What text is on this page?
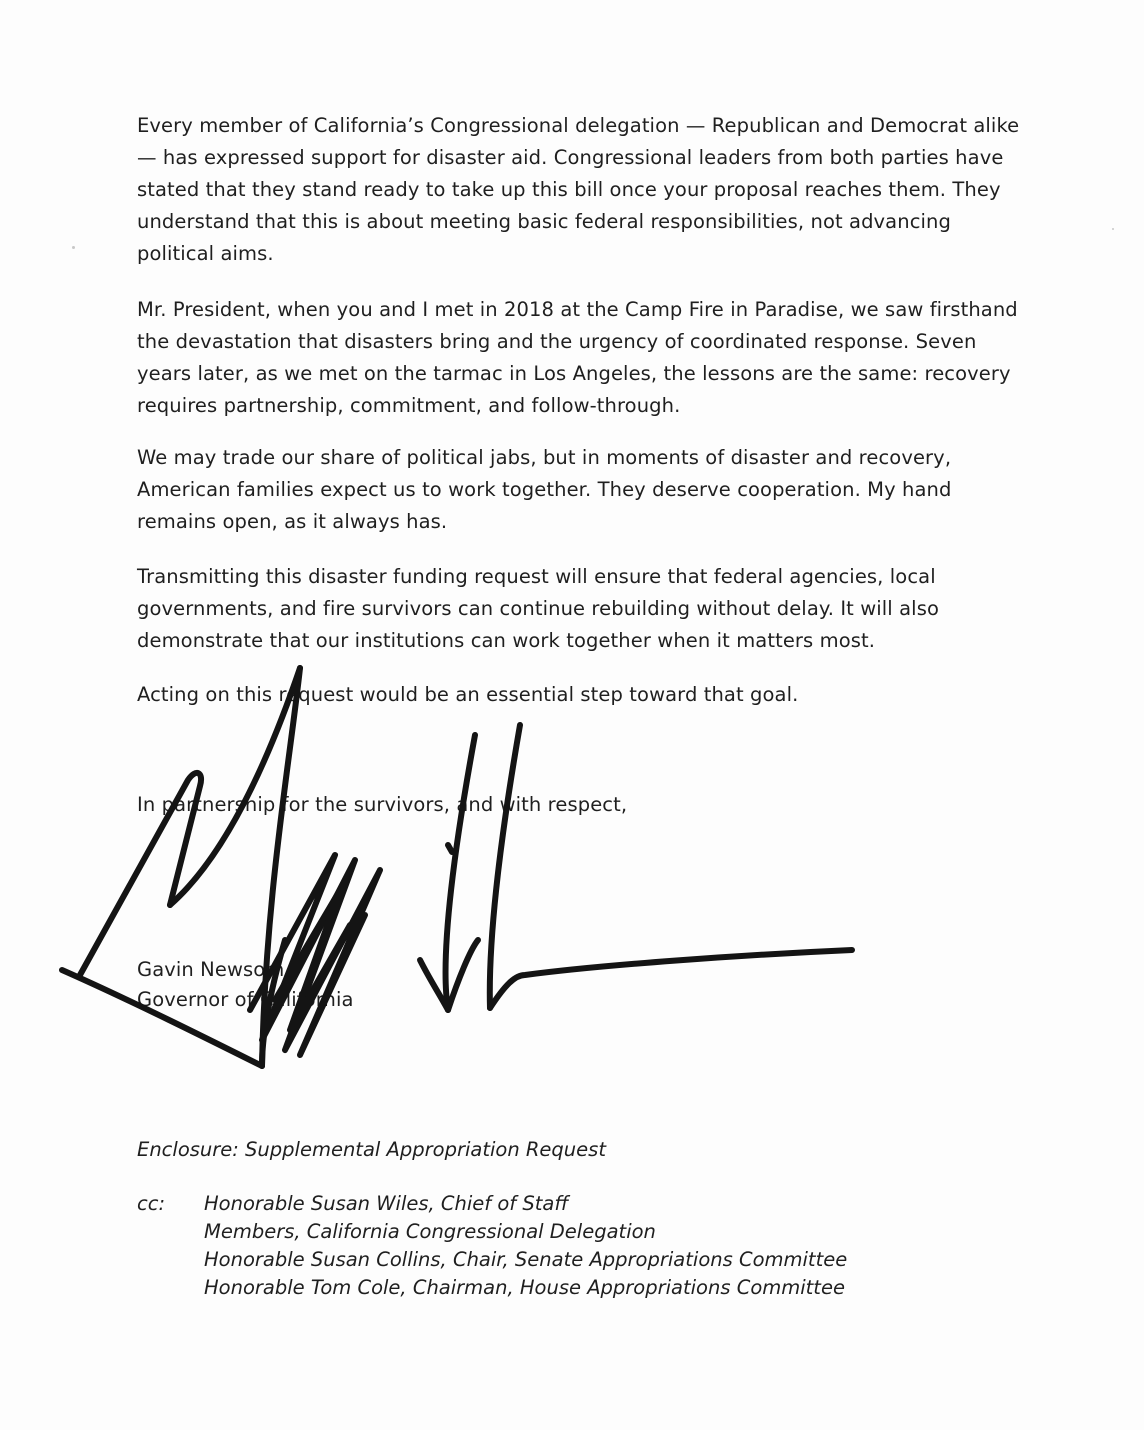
Every member of California’s Congressional delegation — Republican and Democrat alike — has expressed support for disaster aid. Congressional leaders from both parties have stated that they stand ready to take up this bill once your proposal reaches them. They understand that this is about meeting basic federal responsibilities, not advancing political aims.

Mr. President, when you and I met in 2018 at the Camp Fire in Paradise, we saw firsthand the devastation that disasters bring and the urgency of coordinated response. Seven years later, as we met on the tarmac in Los Angeles, the lessons are the same: recovery requires partnership, commitment, and follow-through.

We may trade our share of political jabs, but in moments of disaster and recovery, American families expect us to work together. They deserve cooperation. My hand remains open, as it always has.

Transmitting this disaster funding request will ensure that federal agencies, local governments, and fire survivors can continue rebuilding without delay. It will also demonstrate that our institutions can work together when it matters most.

Acting on this request would be an essential step toward that goal.

In partnership for the survivors, and with respect,

Gavin Newsom

Governor of California

Enclosure: Supplemental Appropriation Request

cc: Honorable Susan Wiles, Chief of Staff
Members, California Congressional Delegation
Honorable Susan Collins, Chair, Senate Appropriations Committee
Honorable Tom Cole, Chairman, House Appropriations Committee
